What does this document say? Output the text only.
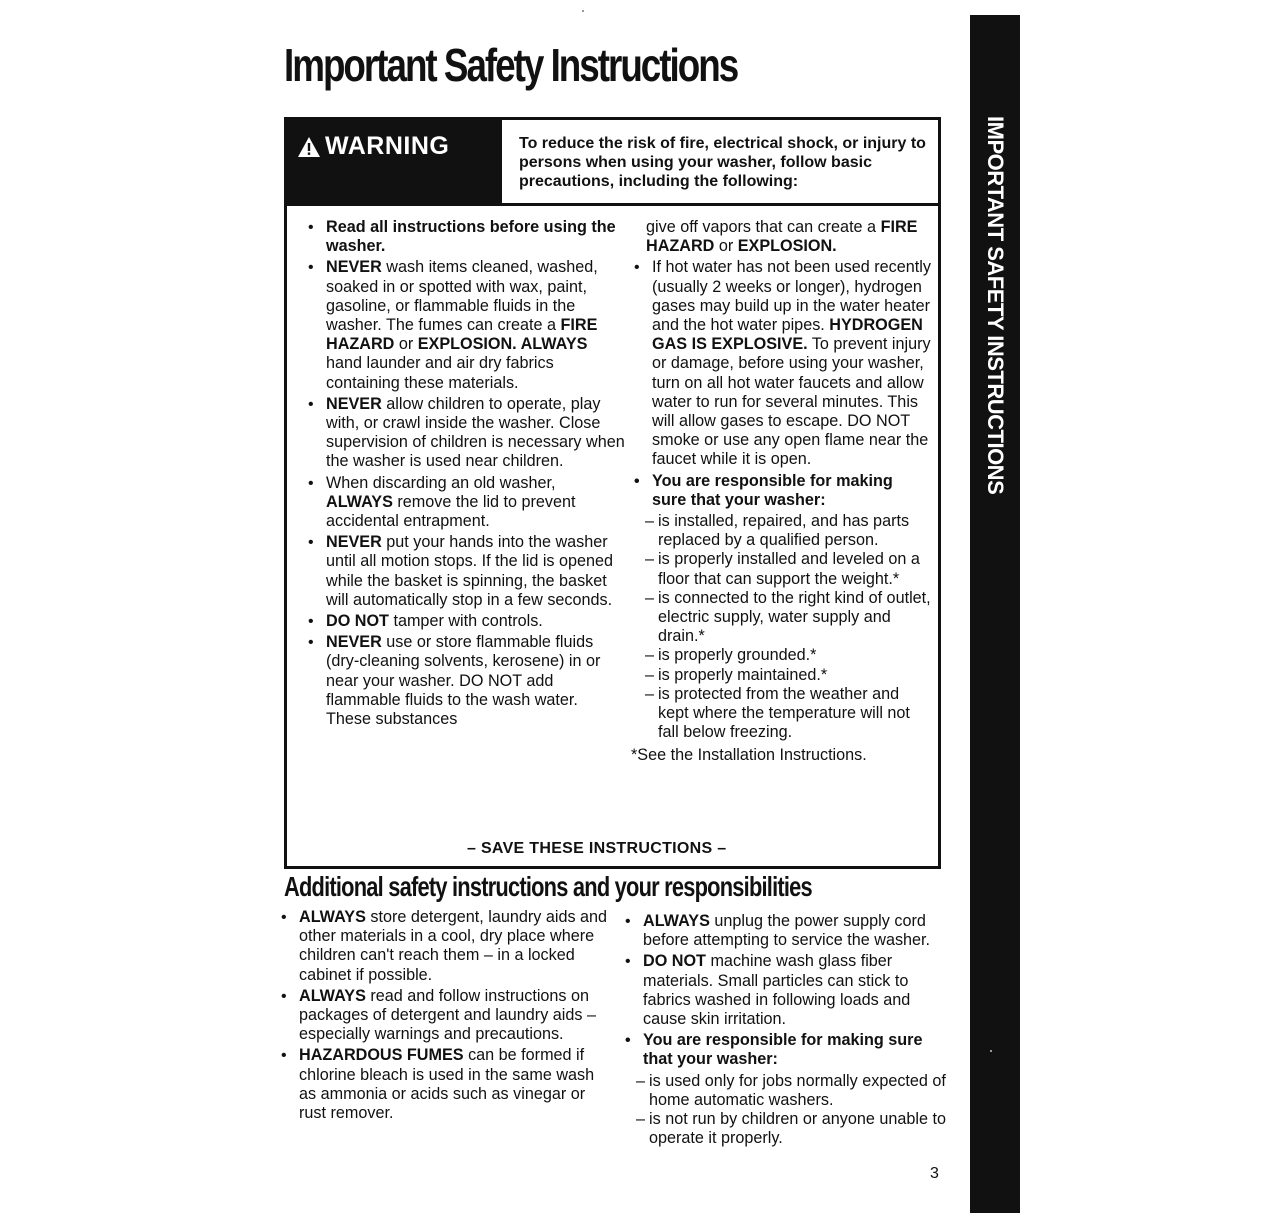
Important Safety Instructions
IMPORTANT SAFETY INSTRUCTIONS
WARNING	To reduce the risk of fire, electrical shock, or injury to persons when using your washer, follow basic precautions, including the following:
• Read all instructions before using the washer.
• NEVER wash items cleaned, washed, soaked in or spotted with wax, paint, gasoline, or flammable fluids in the washer. The fumes can create a FIRE HAZARD or EXPLOSION. ALWAYS hand launder and air dry fabrics containing these materials.
• NEVER allow children to operate, play with, or crawl inside the washer. Close supervision of children is necessary when the washer is used near children.
• When discarding an old washer, ALWAYS remove the lid to prevent accidental entrapment.
• NEVER put your hands into the washer until all motion stops. If the lid is opened while the basket is spinning, the basket will automatically stop in a few seconds.
• DO NOT tamper with controls.
• NEVER use or store flammable fluids (dry-cleaning solvents, kerosene) in or near your washer. DO NOT add flammable fluids to the wash water. These substances
give off vapors that can create a FIRE HAZARD or EXPLOSION.
• If hot water has not been used recently (usually 2 weeks or longer), hydrogen gases may build up in the water heater and the hot water pipes. HYDROGEN GAS IS EXPLOSIVE. To prevent injury or damage, before using your washer, turn on all hot water faucets and allow water to run for several minutes. This will allow gases to escape. DO NOT smoke or use any open flame near the faucet while it is open.
• You are responsible for making sure that your washer:
– is installed, repaired, and has parts replaced by a qualified person.
– is properly installed and leveled on a floor that can support the weight.*
– is connected to the right kind of outlet, electric supply, water supply and drain.*
– is properly grounded.*
– is properly maintained.*
– is protected from the weather and kept where the temperature will not fall below freezing.
*See the Installation Instructions.
– SAVE THESE INSTRUCTIONS –
Additional safety instructions and your responsibilities
• ALWAYS store detergent, laundry aids and other materials in a cool, dry place where children can't reach them – in a locked cabinet if possible.
• ALWAYS read and follow instructions on packages of detergent and laundry aids – especially warnings and precautions.
• HAZARDOUS FUMES can be formed if chlorine bleach is used in the same wash as ammonia or acids such as vinegar or rust remover.
• ALWAYS unplug the power supply cord before attempting to service the washer.
• DO NOT machine wash glass fiber materials. Small particles can stick to fabrics washed in following loads and cause skin irritation.
• You are responsible for making sure that your washer:
– is used only for jobs normally expected of home automatic washers.
– is not run by children or anyone unable to operate it properly.
3
